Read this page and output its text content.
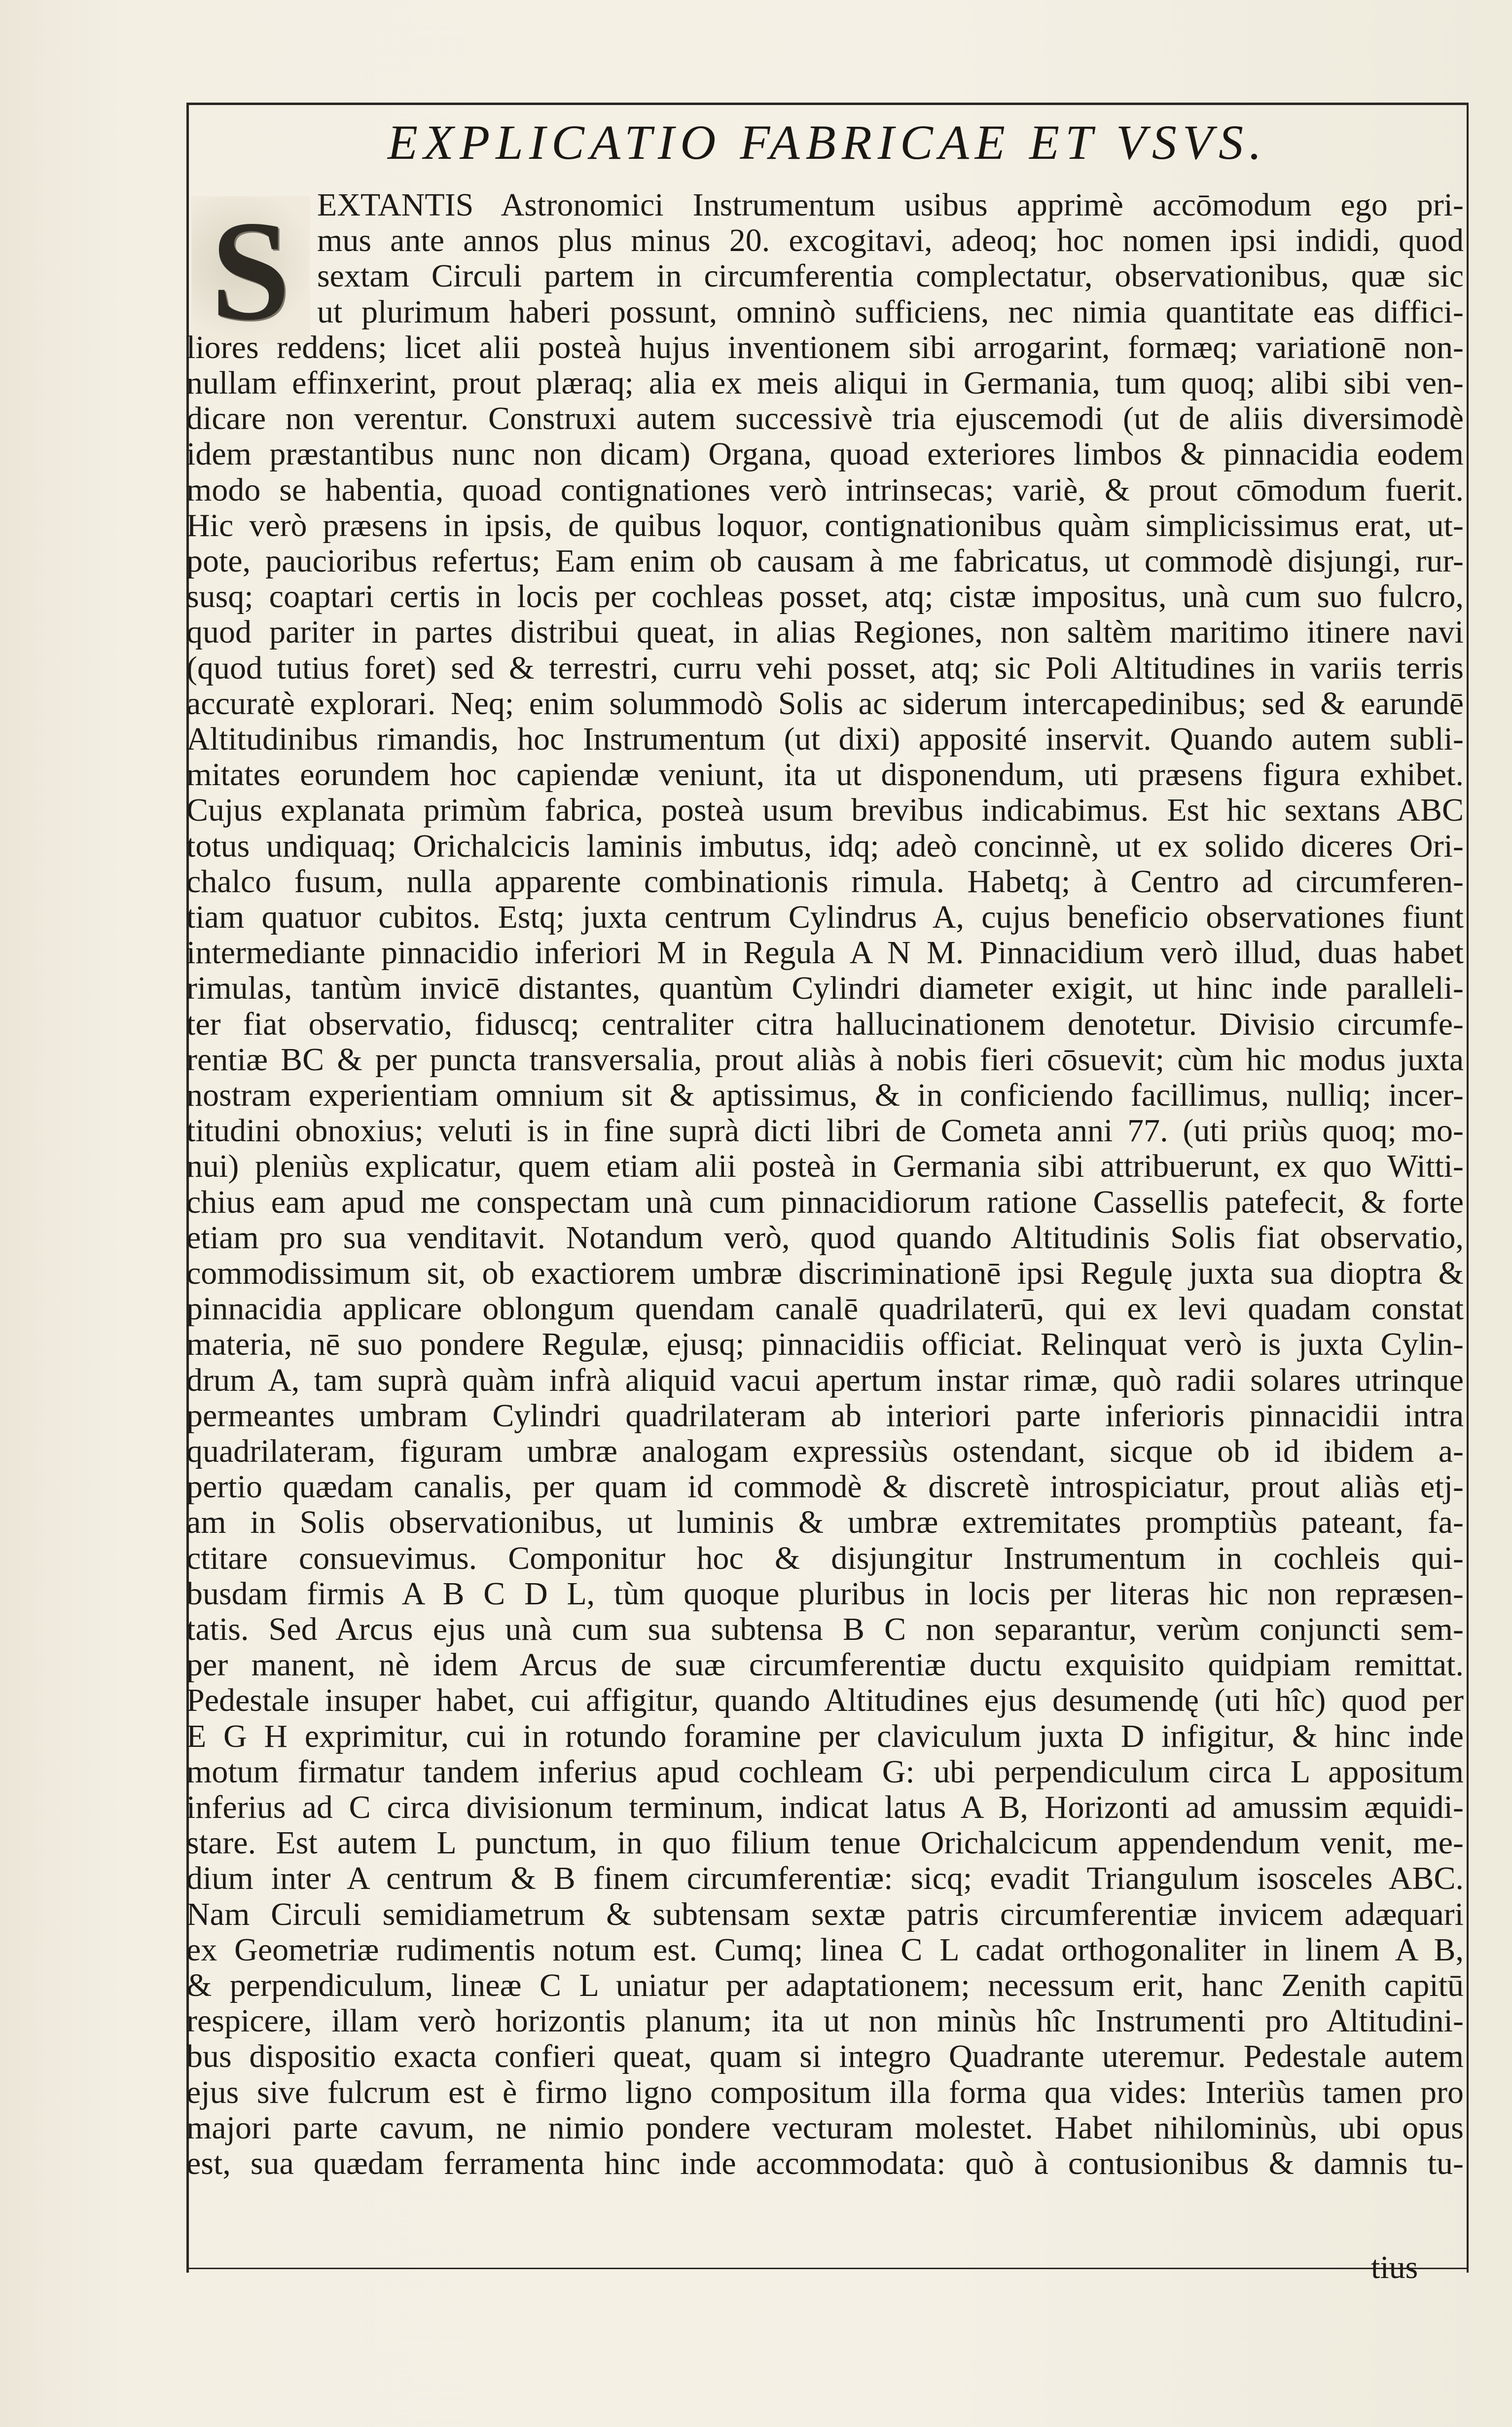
EXPLICATIO FABRICAE ET VSVS.
S EXTANTIS Astronomici Instrumentum usibus apprimè accōmodum ego pri-
mus ante annos plus minus 20. excogitavi, adeoq; hoc nomen ipsi indidi, quod
sextam Circuli partem in circumferentia complectatur, observationibus, quæ sic
ut plurimum haberi possunt, omninò sufficiens, nec nimia quantitate eas diffici-
liores reddens; licet alii posteà hujus inventionem sibi arrogarint, formæq; variationē non-
nullam effinxerint, prout plæraq; alia ex meis aliqui in Germania, tum quoq; alibi sibi ven-
dicare non verentur. Construxi autem successivè tria ejuscemodi (ut de aliis diversimodè
idem præstantibus nunc non dicam) Organa, quoad exteriores limbos & pinnacidia eodem
modo se habentia, quoad contignationes verò intrinsecas; variè, & prout cōmodum fuerit.
Hic verò præsens in ipsis, de quibus loquor, contignationibus quàm simplicissimus erat, ut-
pote, paucioribus refertus; Eam enim ob causam à me fabricatus, ut commodè disjungi, rur-
susq; coaptari certis in locis per cochleas posset, atq; cistæ impositus, unà cum suo fulcro,
quod pariter in partes distribui queat, in alias Regiones, non saltèm maritimo itinere navi
(quod tutius foret) sed & terrestri, curru vehi posset, atq; sic Poli Altitudines in variis terris
accuratè explorari. Neq; enim solummodò Solis ac siderum intercapedinibus; sed & earundē
Altitudinibus rimandis, hoc Instrumentum (ut dixi) apposité inservit. Quando autem subli-
mitates eorundem hoc capiendæ veniunt, ita ut disponendum, uti præsens figura exhibet.
Cujus explanata primùm fabrica, posteà usum brevibus indicabimus. Est hic sextans ABC
totus undiquaq; Orichalcicis laminis imbutus, idq; adeò concinnè, ut ex solido diceres Ori-
chalco fusum, nulla apparente combinationis rimula. Habetq; à Centro ad circumferen-
tiam quatuor cubitos. Estq; juxta centrum Cylindrus A, cujus beneficio observationes fiunt
intermediante pinnacidio inferiori M in Regula A N M. Pinnacidium verò illud, duas habet
rimulas, tantùm invicē distantes, quantùm Cylindri diameter exigit, ut hinc inde paralleli-
ter fiat observatio, fiduscq; centraliter citra hallucinationem denotetur. Divisio circumfe-
rentiæ BC & per puncta transversalia, prout aliàs à nobis fieri cōsuevit; cùm hic modus juxta
nostram experientiam omnium sit & aptissimus, & in conficiendo facillimus, nulliq; incer-
titudini obnoxius; veluti is in fine suprà dicti libri de Cometa anni 77. (uti priùs quoq; mo-
nui) pleniùs explicatur, quem etiam alii posteà in Germania sibi attribuerunt, ex quo Witti-
chius eam apud me conspectam unà cum pinnacidiorum ratione Cassellis patefecit, & forte
etiam pro sua venditavit. Notandum verò, quod quando Altitudinis Solis fiat observatio,
commodissimum sit, ob exactiorem umbræ discriminationē ipsi Regulę juxta sua dioptra &
pinnacidia applicare oblongum quendam canalē quadrilaterū, qui ex levi quadam constat
materia, nē suo pondere Regulæ, ejusq; pinnacidiis officiat. Relinquat verò is juxta Cylin-
drum A, tam suprà quàm infrà aliquid vacui apertum instar rimæ, quò radii solares utrinque
permeantes umbram Cylindri quadrilateram ab interiori parte inferioris pinnacidii intra
quadrilateram, figuram umbræ analogam expressiùs ostendant, sicque ob id ibidem a-
pertio quædam canalis, per quam id commodè & discretè introspiciatur, prout aliàs etj-
am in Solis observationibus, ut luminis & umbræ extremitates promptiùs pateant, fa-
ctitare consuevimus. Componitur hoc & disjungitur Instrumentum in cochleis qui-
busdam firmis A B C D L, tùm quoque pluribus in locis per literas hic non repræsen-
tatis. Sed Arcus ejus unà cum sua subtensa B C non separantur, verùm conjuncti sem-
per manent, nè idem Arcus de suæ circumferentiæ ductu exquisito quidpiam remittat.
Pedestale insuper habet, cui affigitur, quando Altitudines ejus desumendę (uti hîc) quod per
E G H exprimitur, cui in rotundo foramine per claviculum juxta D infigitur, & hinc inde
motum firmatur tandem inferius apud cochleam G: ubi perpendiculum circa L appositum
inferius ad C circa divisionum terminum, indicat latus A B, Horizonti ad amussim æquidi-
stare. Est autem L punctum, in quo filium tenue Orichalcicum appendendum venit, me-
dium inter A centrum & B finem circumferentiæ: sicq; evadit Triangulum isosceles ABC.
Nam Circuli semidiametrum & subtensam sextæ patris circumferentiæ invicem adæquari
ex Geometriæ rudimentis notum est. Cumq; linea C L cadat orthogonaliter in linem A B,
& perpendiculum, lineæ C L uniatur per adaptationem; necessum erit, hanc Zenith capitū
respicere, illam verò horizontis planum; ita ut non minùs hîc Instrumenti pro Altitudini-
bus dispositio exacta confieri queat, quam si integro Quadrante uteremur. Pedestale autem
ejus sive fulcrum est è firmo ligno compositum illa forma qua vides: Interiùs tamen pro
majori parte cavum, ne nimio pondere vecturam molestet. Habet nihilominùs, ubi opus
est, sua quædam ferramenta hinc inde accommodata: quò à contusionibus & damnis tu-
tius
